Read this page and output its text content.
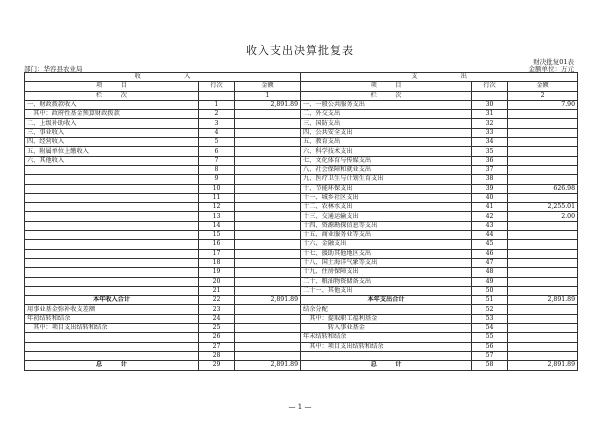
收入支出决算批复表
财决批复01表
部门：华容县农业局	金额单位：万元
收　　　　　　　入			支　　　　　　　出		
项　　　目	行次	金额	项　　　目	行次	金额
栏　　　次		1	栏　　　次		2
一、财政拨款收入	1	2,891.89	一、一般公共服务支出	30	7.90
　其中：政府性基金预算财政拨款	2		二、外交支出	31	
二、上级补助收入	3		三、国防支出	32	
三、事业收入	4		四、公共安全支出	33	
四、经营收入	5		五、教育支出	34	
五、附属单位上缴收入	6		六、科学技术支出	35	
六、其他收入	7		七、文化体育与传媒支出	36	
	8		八、社会保障和就业支出	37	
	9		九、医疗卫生与计划生育支出	38	
	10		十、节能环保支出	39	626.98
	11		十一、城乡社区支出	40	
	12		十二、农林水支出	41	2,255.01
	13		十三、交通运输支出	42	2.00
	14		十四、资源勘探信息等支出	43	
	15		十五、商业服务业等支出	44	
	16		十六、金融支出	45	
	17		十七、援助其他地区支出	46	
	18		十八、国土海洋气象等支出	47	
	19		十九、住房保障支出	48	
	20		二十、粮油物资储备支出	49	
	21		二十一、其他支出	50	
本年收入合计	22	2,891.89	本年支出合计	51	2,891.89
用事业基金弥补收支差额	23		结余分配	52	
年初结转和结余	24		　其中：提取职工福利基金	53	
　其中：项目支出结转和结余	25		　　　　转入事业基金	54	
	26		年末结转和结余	55	
	27		　其中：项目支出结转和结余	56	
	28			57	
总　　　计	29	2,891.89	总　　　计	58	2,891.89
— 1 —
